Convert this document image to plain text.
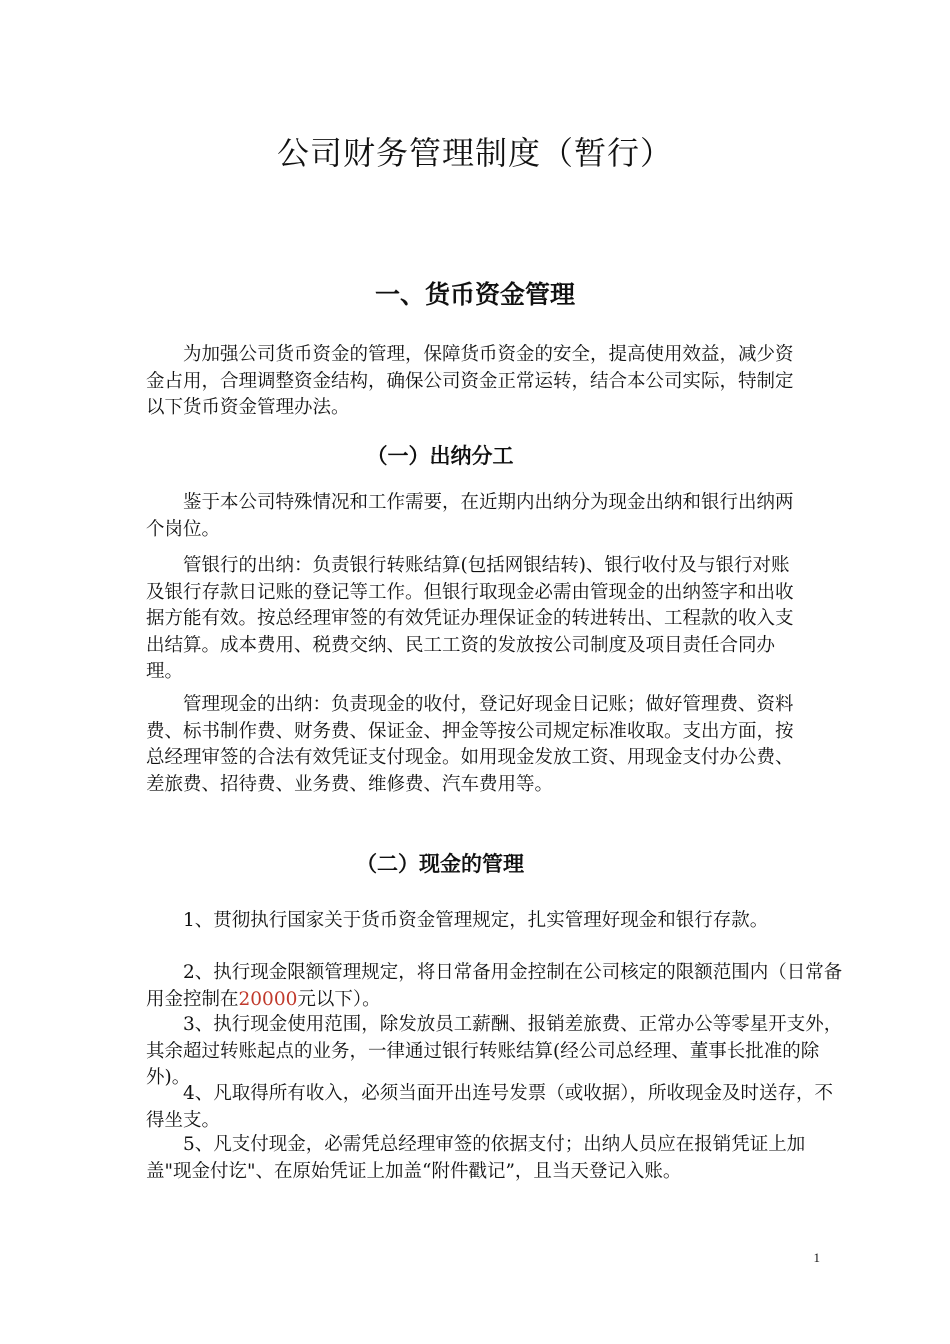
公司财务管理制度（暂行）
一、货币资金管理

为加强公司货币资金的管理，保障货币资金的安全，提高使用效益，减少资金占用，合理调整资金结构，确保公司资金正常运转，结合本公司实际，特制定以下货币资金管理办法。

（一）出纳分工

鉴于本公司特殊情况和工作需要，在近期内出纳分为现金出纳和银行出纳两个岗位。

管银行的出纳：负责银行转账结算(包括网银结转)、银行收付及与银行对账及银行存款日记账的登记等工作。但银行取现金必需由管现金的出纳签字和出收据方能有效。按总经理审签的有效凭证办理保证金的转进转出、工程款的收入支出结算。成本费用、税费交纳、民工工资的发放按公司制度及项目责任合同办理。

管理现金的出纳：负责现金的收付，登记好现金日记账；做好管理费、资料费、标书制作费、财务费、保证金、押金等按公司规定标准收取。支出方面，按总经理审签的合法有效凭证支付现金。如用现金发放工资、用现金支付办公费、差旅费、招待费、业务费、维修费、汽车费用等。

（二）现金的管理

1、贯彻执行国家关于货币资金管理规定，扎实管理好现金和银行存款。

2、执行现金限额管理规定，将日常备用金控制在公司核定的限额范围内（日常备用金控制在20000元以下）。

3、执行现金使用范围，除发放员工薪酬、报销差旅费、正常办公等零星开支外，其余超过转账起点的业务，一律通过银行转账结算(经公司总经理、董事长批准的除外)。

4、凡取得所有收入，必须当面开出连号发票（或收据），所收现金及时送存，不得坐支。

5、凡支付现金，必需凭总经理审签的依据支付；出纳人员应在报销凭证上加盖"现金付讫"、在原始凭证上加盖“附件戳记”，且当天登记入账。

1
